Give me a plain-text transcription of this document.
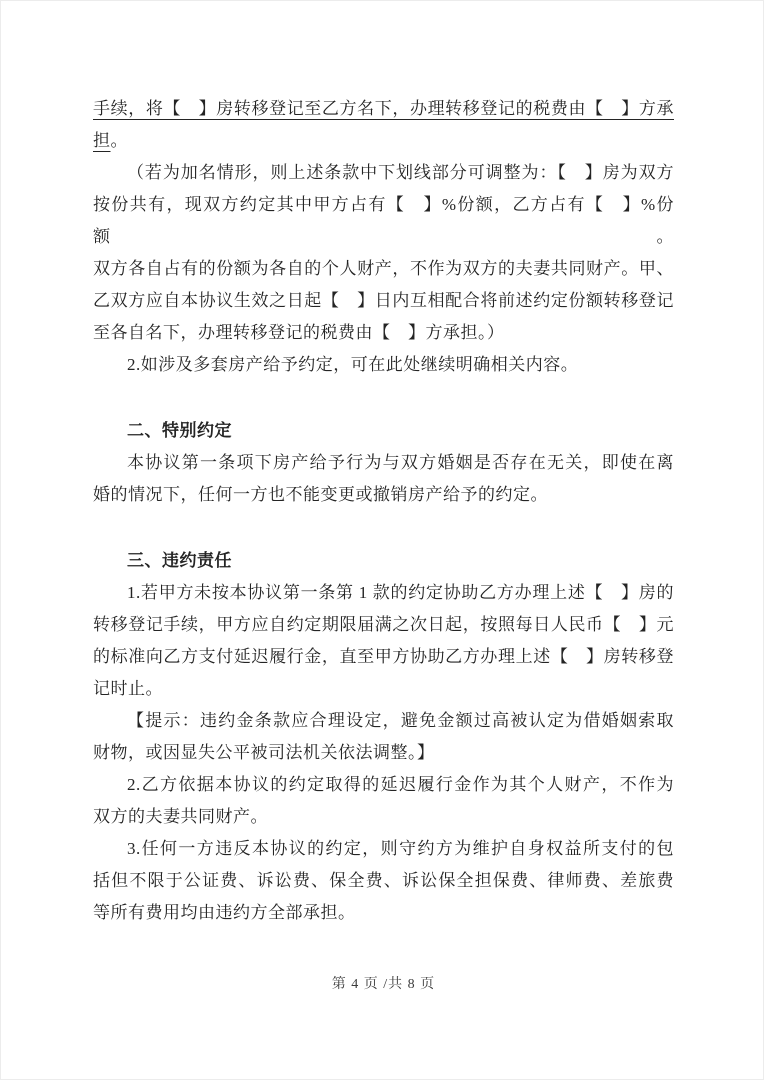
手续，将【　】房转移登记至乙方名下，办理转移登记的税费由【　】方承
担。
（若为加名情形，则上述条款中下划线部分可调整为：【　】房为双方
按份共有，现双方约定其中甲方占有【　】%份额，乙方占有【　】%份额。
双方各自占有的份额为各自的个人财产，不作为双方的夫妻共同财产。甲、
乙双方应自本协议生效之日起【　】日内互相配合将前述约定份额转移登记
至各自名下，办理转移登记的税费由【　】方承担。）
2.如涉及多套房产给予约定，可在此处继续明确相关内容。
二、特别约定
本协议第一条项下房产给予行为与双方婚姻是否存在无关，即使在离
婚的情况下，任何一方也不能变更或撤销房产给予的约定。
三、违约责任
1.若甲方未按本协议第一条第 1 款的约定协助乙方办理上述【　】房的
转移登记手续，甲方应自约定期限届满之次日起，按照每日人民币【　】元
的标准向乙方支付延迟履行金，直至甲方协助乙方办理上述【　】房转移登
记时止。
【提示：违约金条款应合理设定，避免金额过高被认定为借婚姻索取
财物，或因显失公平被司法机关依法调整。】
2.乙方依据本协议的约定取得的延迟履行金作为其个人财产，不作为
双方的夫妻共同财产。
3.任何一方违反本协议的约定，则守约方为维护自身权益所支付的包
括但不限于公证费、诉讼费、保全费、诉讼保全担保费、律师费、差旅费
等所有费用均由违约方全部承担。
第 4 页 /共 8 页
